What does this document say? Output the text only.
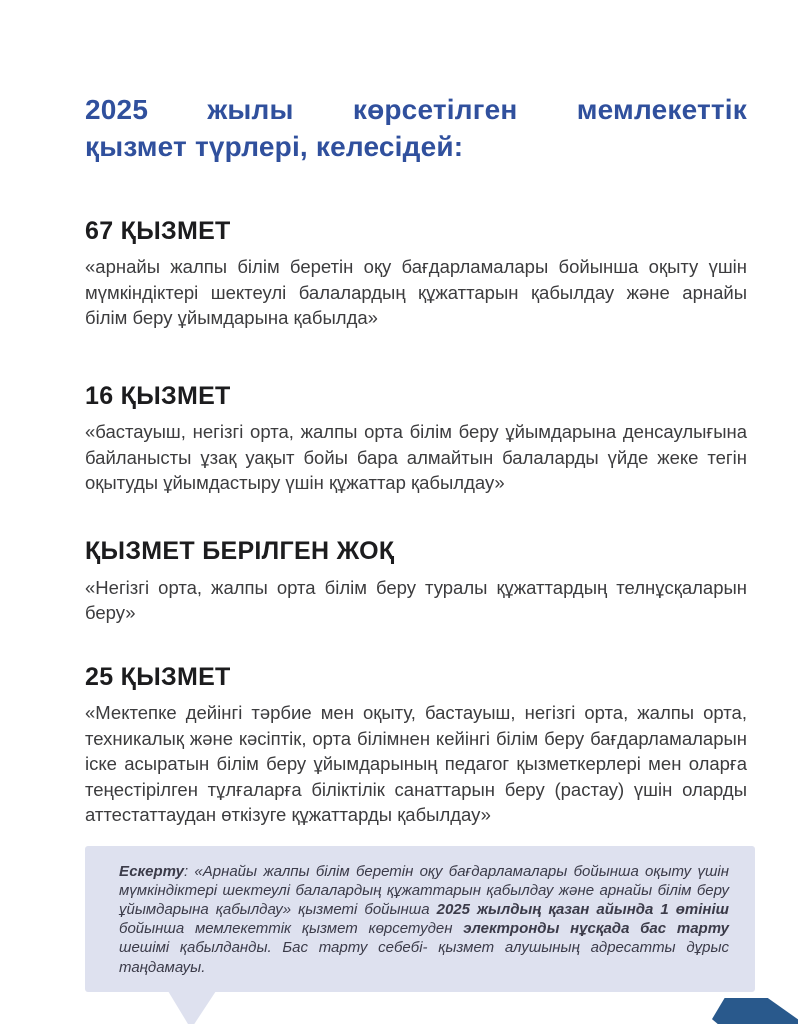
2025 жылы көрсетілген мемлекеттік
қызмет түрлері, келесідей:
67 ҚЫЗМЕТ

«арнайы жалпы білім беретін оқу бағдарламалары бойынша оқыту үшін мүмкіндіктері шектеулі балалардың құжаттарын қабылдау және арнайы білім беру ұйымдарына қабылда»

16 ҚЫЗМЕТ

«бастауыш, негізгі орта, жалпы орта білім беру ұйымдарына денсаулығына байланысты ұзақ уақыт бойы бара алмайтын балаларды үйде жеке тегін оқытуды ұйымдастыру үшін құжаттар қабылдау»

ҚЫЗМЕТ БЕРІЛГЕН ЖОҚ

«Негізгі орта, жалпы орта білім беру туралы құжаттардың телнұсқаларын беру»

25 ҚЫЗМЕТ

«Мектепке дейінгі тәрбие мен оқыту, бастауыш, негізгі орта, жалпы орта, техникалық және кәсіптік, орта білімнен кейінгі білім беру бағдарламаларын іске асыратын білім беру ұйымдарының педагог қызметкерлері мен оларға теңестірілген тұлғаларға біліктілік санаттарын беру (растау) үшін оларды аттестаттаудан өткізуге құжаттарды қабылдау»

Ескерту: «Арнайы жалпы білім беретін оқу бағдарламалары бойынша оқыту үшін мүмкіндіктері шектеулі балалардың құжаттарын қабылдау және арнайы білім беру ұйымдарына қабылдау» қызметі бойынша 2025 жылдың қазан айында 1 өтініш бойынша мемлекеттік қызмет көрсетуден электронды нұсқада бас тарту шешімі қабылданды. Бас тарту себебі- қызмет алушының адресатты дұрыс таңдамауы.
